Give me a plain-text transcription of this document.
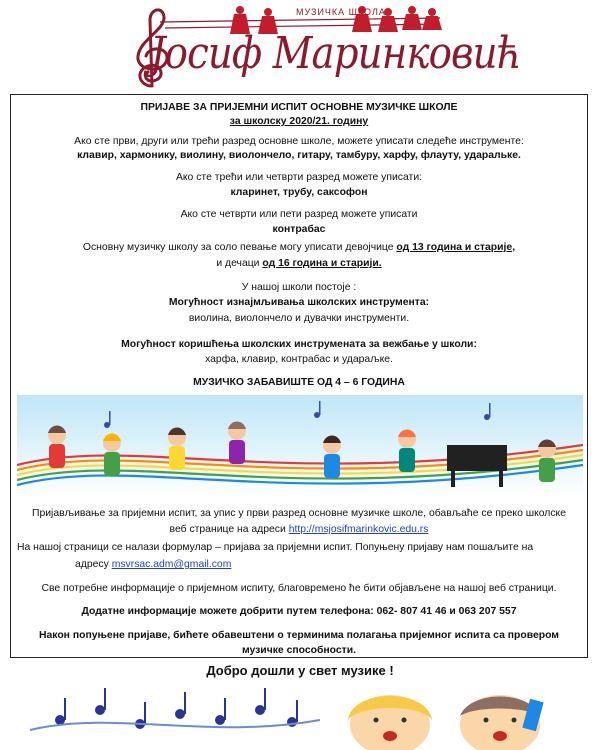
МУЗИЧКА ШКОЛА
Јосиф Маринковић
ПРИЈАВЕ ЗА ПРИЈЕМНИ ИСПИТ ОСНОВНЕ МУЗИЧКЕ ШКОЛЕ
за школску 2020/21. годину
Ако сте први, други или трећи разред основне школе, можете уписати следеће инструменте:
клавир, хармонику, виолину, виолончело, гитару, тамбуру, харфу, флауту, ударальке.
Ако сте трећи или четврти разред можете уписати:
кларинет, трубу, саксофон
Ако сте четврти или пети разред можете уписати
контрабас
Основну музичку школу за соло певање могу уписати девојчице од 13 година и старије,
и дечаци од 16 година и старији.
У нашој школи постоје :
Могућност изнајмљивања школских инструмента:
виолина, виолончело и дувачки инструменти.
Могућност коришћења школских инструмената за вежбање у школи:
харфа, клавир, контрабас и удараљке.
МУЗИЧКО ЗАБАВИШТЕ ОД 4 – 6 ГОДИНА
Пријављивање за пријемни испит, за упис у први разред основне музичке школе, обављаће се преко школске
веб странице на адреси http://msjosifmarinkovic.edu.rs
На нашој страници се налази формулар – пријава за пријемни испит. Попуњену пријаву нам пошаљите на
адресу msvrsac.adm@gmail.com
Све потребне информације о пријемном испиту, благовремено ће бити објављене на нашој веб страници.
Додатне информације можете добрити путем телефона: 062- 807 41 46 и 063 207 557
Након попуњене пријаве, бићете обавештени о терминима полагања пријемног испита са провером
музичке способности.
Добро дошли у свет музике !
